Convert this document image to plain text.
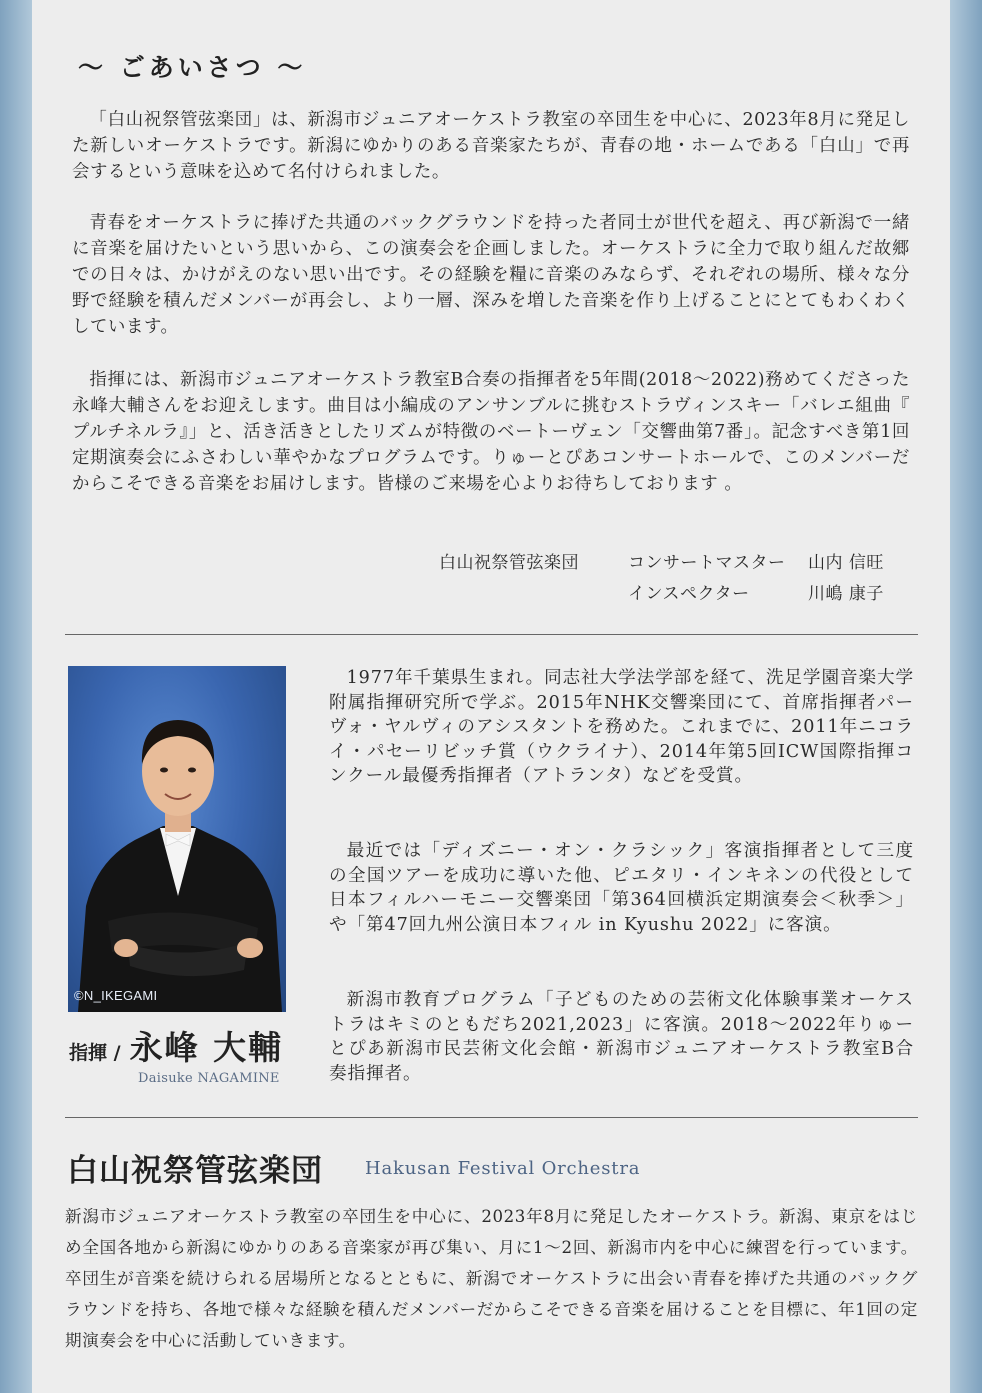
〜 ごあいさつ 〜

「白山祝祭管弦楽団」は、新潟市ジュニアオーケストラ教室の卒団生を中心に、2023年8月に発足した新しいオーケストラです。新潟にゆかりのある音楽家たちが、青春の地・ホームである「白山」で再会するという意味を込めて名付けられました。

青春をオーケストラに捧げた共通のバックグラウンドを持った者同士が世代を超え、再び新潟で一緒に音楽を届けたいという思いから、この演奏会を企画しました。オーケストラに全力で取り組んだ故郷での日々は、かけがえのない思い出です。その経験を糧に音楽のみならず、それぞれの場所、様々な分野で経験を積んだメンバーが再会し、より一層、深みを増した音楽を作り上げることにとてもわくわくしています。

指揮には、新潟市ジュニアオーケストラ教室B合奏の指揮者を5年間(2018〜2022)務めてくださった永峰大輔さんをお迎えします。曲目は小編成のアンサンブルに挑むストラヴィンスキー「バレエ組曲『 プルチネルラ』」と、活き活きとしたリズムが特徴のベートーヴェン「交響曲第7番」。記念すべき第1回定期演奏会にふさわしい華やかなプログラムです。りゅーとぴあコンサートホールで、このメンバーだからこそできる音楽をお届けします。皆様のご来場を心よりお待ちしております 。

白山祝祭管弦楽団	コンサートマスター 山内 信旺
インスペクター	川嶋 康子
©N_IKEGAMI
指揮 / 永峰 大輔
Daisuke NAGAMINE

1977年千葉県生まれ。同志社大学法学部を経て、洗足学園音楽大学附属指揮研究所で学ぶ。2015年NHK交響楽団にて、首席指揮者パーヴォ・ヤルヴィのアシスタントを務めた。これまでに、2011年ニコライ・パセーリビッチ賞（ウクライナ）、2014年第5回ICW国際指揮コンクール最優秀指揮者（アトランタ）などを受賞。

最近では「ディズニー・オン・クラシック」客演指揮者として三度の全国ツアーを成功に導いた他、ピエタリ・インキネンの代役として日本フィルハーモニー交響楽団「第364回横浜定期演奏会＜秋季＞」や「第47回九州公演日本フィル in Kyushu 2022」に客演。

新潟市教育プログラム「子どものための芸術文化体験事業オーケストラはキミのともだち2021,2023」に客演。2018〜2022年りゅーとぴあ新潟市民芸術文化会館・新潟市ジュニアオーケストラ教室B合奏指揮者。

白山祝祭管弦楽団 Hakusan Festival Orchestra

新潟市ジュニアオーケストラ教室の卒団生を中心に、2023年8月に発足したオーケストラ。新潟、東京をはじめ全国各地から新潟にゆかりのある音楽家が再び集い、月に1〜2回、新潟市内を中心に練習を行っています。卒団生が音楽を続けられる居場所となるとともに、新潟でオーケストラに出会い青春を捧げた共通のバックグラウンドを持ち、各地で様々な経験を積んだメンバーだからこそできる音楽を届けることを目標に、年1回の定期演奏会を中心に活動していきます。
